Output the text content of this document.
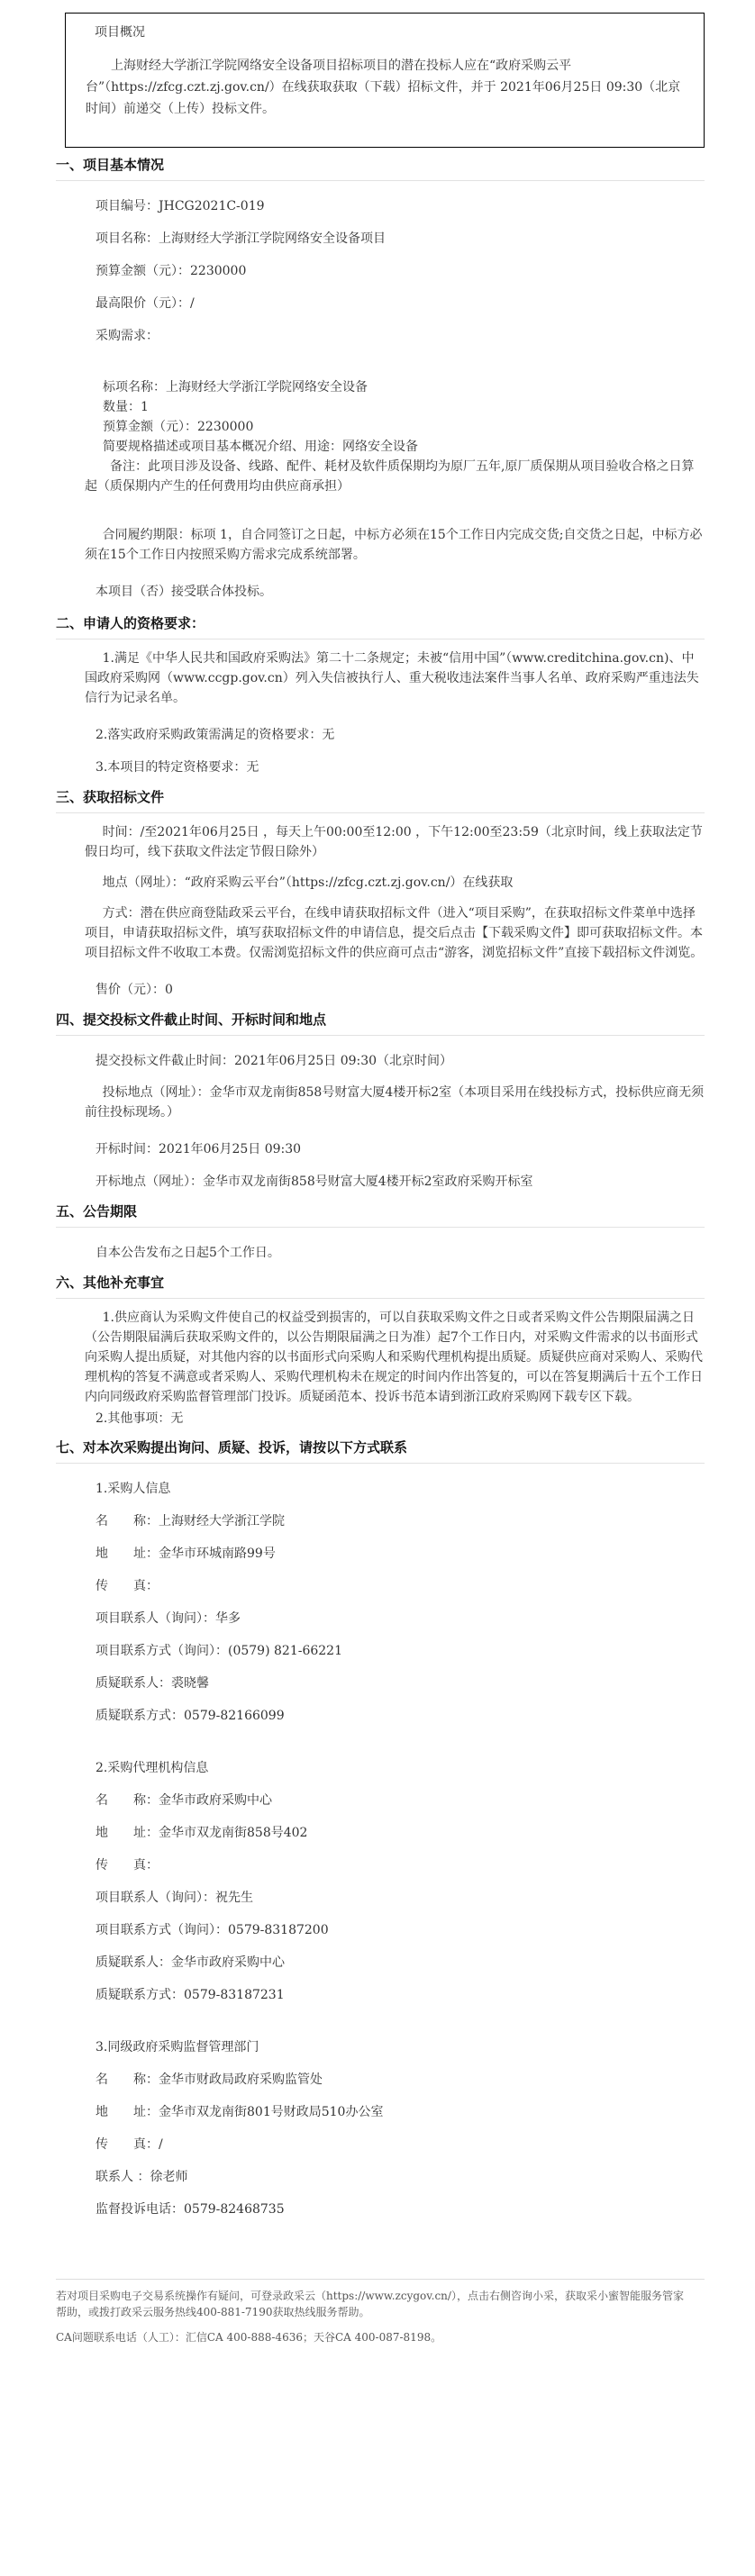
项目概况

上海财经大学浙江学院网络安全设备项目招标项目的潜在投标人应在“政府采购云平台”（https://zfcg.czt.zj.gov.cn/）在线获取获取（下载）招标文件，并于 2021年06月25日 09:30（北京时间）前递交（上传）投标文件。

一、项目基本情况

项目编号：JHCG2021C-019

项目名称：上海财经大学浙江学院网络安全设备项目

预算金额（元）：2230000

最高限价（元）：/

采购需求：

标项名称：上海财经大学浙江学院网络安全设备

数量：1

预算金额（元）：2230000

简要规格描述或项目基本概况介绍、用途：网络安全设备

备注：此项目涉及设备、线路、配件、耗材及软件质保期均为原厂五年,原厂质保期从项目验收合格之日算起（质保期内产生的任何费用均由供应商承担）

合同履约期限：标项 1，自合同签订之日起，中标方必须在15个工作日内完成交货;自交货之日起，中标方必须在15个工作日内按照采购方需求完成系统部署。

本项目（否）接受联合体投标。

二、申请人的资格要求：

1.满足《中华人民共和国政府采购法》第二十二条规定；未被“信用中国”（www.creditchina.gov.cn)、中国政府采购网（www.ccgp.gov.cn）列入失信被执行人、重大税收违法案件当事人名单、政府采购严重违法失信行为记录名单。

2.落实政府采购政策需满足的资格要求：无

3.本项目的特定资格要求：无

三、获取招标文件

时间：/至2021年06月25日 ，每天上午00:00至12:00 ，下午12:00至23:59（北京时间，线上获取法定节假日均可，线下获取文件法定节假日除外）

地点（网址）：“政府采购云平台”（https://zfcg.czt.zj.gov.cn/）在线获取

方式：潜在供应商登陆政采云平台，在线申请获取招标文件（进入“项目采购”，在获取招标文件菜单中选择项目，申请获取招标文件，填写获取招标文件的申请信息，提交后点击【下载采购文件】即可获取招标文件。本项目招标文件不收取工本费。仅需浏览招标文件的供应商可点击“游客，浏览招标文件”直接下载招标文件浏览。

售价（元）：0

四、提交投标文件截止时间、开标时间和地点

提交投标文件截止时间：2021年06月25日 09:30（北京时间）

投标地点（网址）：金华市双龙南街858号财富大厦4楼开标2室（本项目采用在线投标方式，投标供应商无须前往投标现场。）

开标时间：2021年06月25日 09:30

开标地点（网址）：金华市双龙南街858号财富大厦4楼开标2室政府采购开标室

五、公告期限

自本公告发布之日起5个工作日。

六、其他补充事宜

1.供应商认为采购文件使自己的权益受到损害的，可以自获取采购文件之日或者采购文件公告期限届满之日（公告期限届满后获取采购文件的，以公告期限届满之日为准）起7个工作日内，对采购文件需求的以书面形式向采购人提出质疑，对其他内容的以书面形式向采购人和采购代理机构提出质疑。质疑供应商对采购人、采购代理机构的答复不满意或者采购人、采购代理机构未在规定的时间内作出答复的，可以在答复期满后十五个工作日内向同级政府采购监督管理部门投诉。质疑函范本、投诉书范本请到浙江政府采购网下载专区下载。

2.其他事项：无

七、对本次采购提出询问、质疑、投诉，请按以下方式联系

1.采购人信息

名　　称：上海财经大学浙江学院

地　　址：金华市环城南路99号

传　　真：

项目联系人（询问）：华多

项目联系方式（询问）：(0579) 821-66221

质疑联系人：裘晓馨

质疑联系方式：0579-82166099

2.采购代理机构信息

名　　称：金华市政府采购中心

地　　址：金华市双龙南街858号402

传　　真：

项目联系人（询问）：祝先生

项目联系方式（询问）：0579-83187200

质疑联系人：金华市政府采购中心

质疑联系方式：0579-83187231

3.同级政府采购监督管理部门

名　　称：金华市财政局政府采购监管处

地　　址：金华市双龙南街801号财政局510办公室

传　　真：/

联系人 ：徐老师

监督投诉电话：0579-82468735

若对项目采购电子交易系统操作有疑问，可登录政采云（https://www.zcygov.cn/），点击右侧咨询小采，获取采小蜜智能服务管家帮助，或拨打政采云服务热线400-881-7190获取热线服务帮助。

CA问题联系电话（人工）：汇信CA 400-888-4636；天谷CA 400-087-8198。
